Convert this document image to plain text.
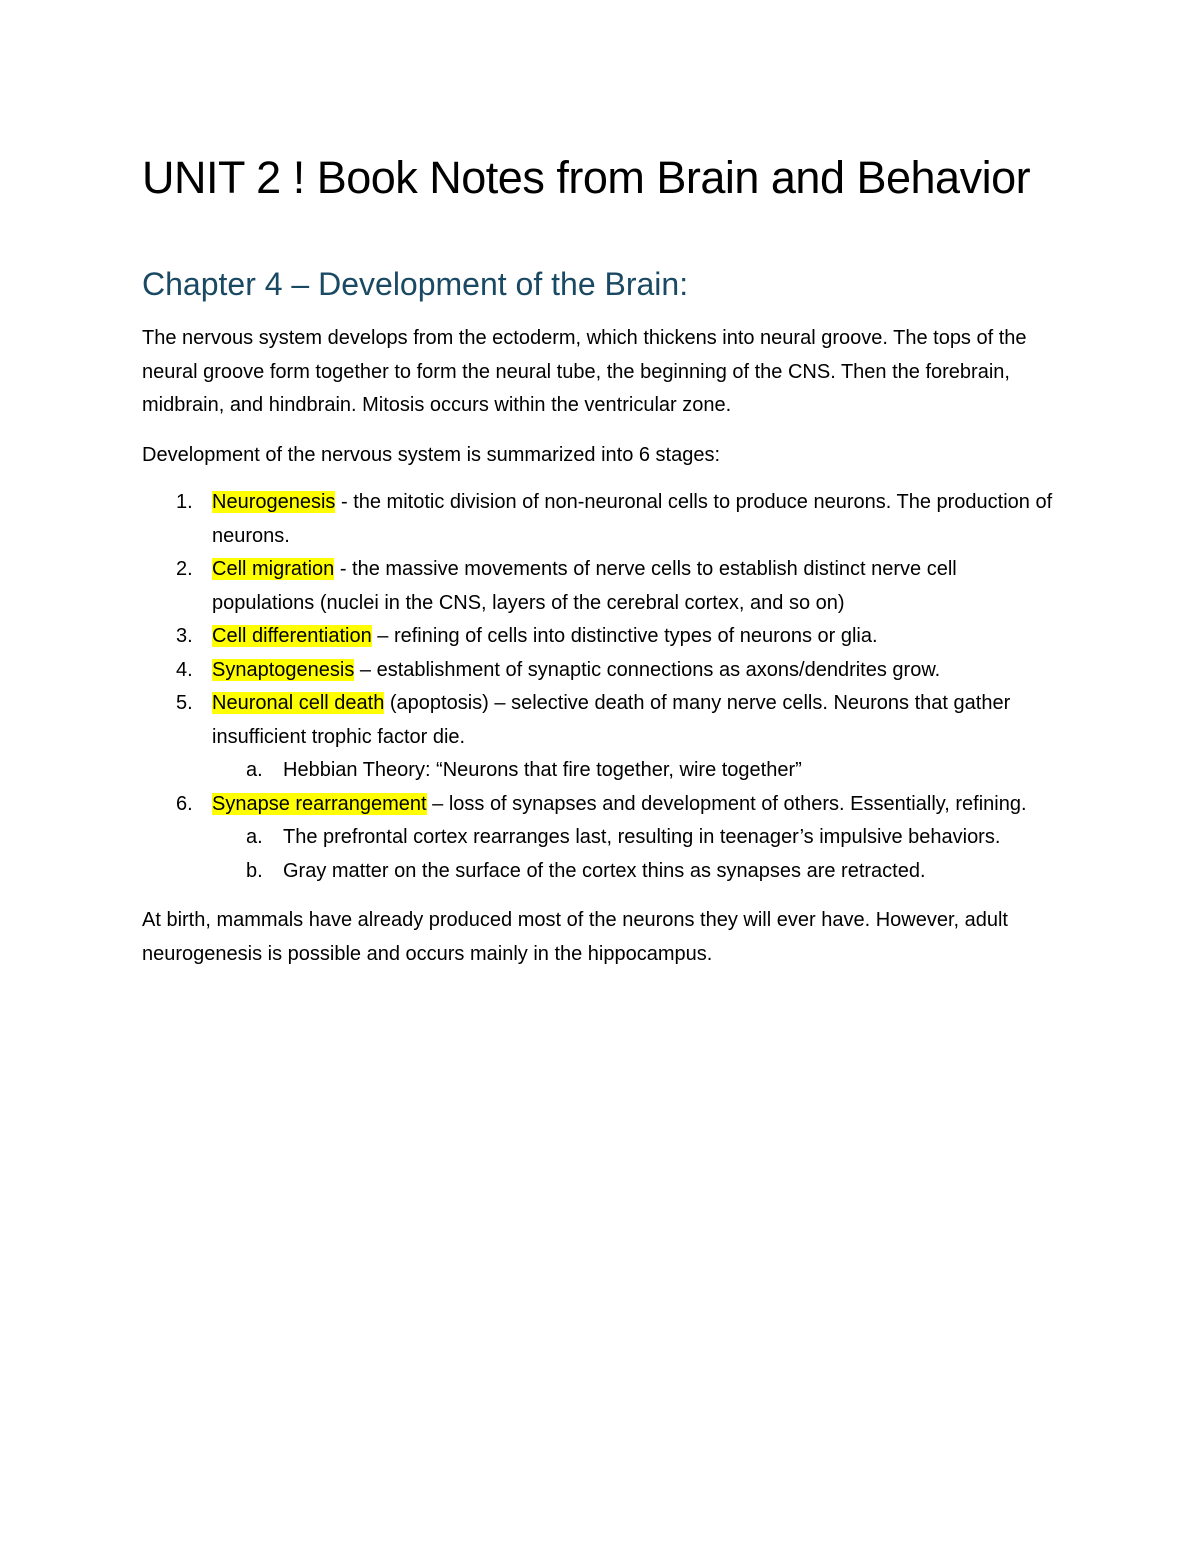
UNIT 2 ! Book Notes from Brain and Behavior
Chapter 4 – Development of the Brain:

The nervous system develops from the ectoderm, which thickens into neural groove. The tops of the neural groove form together to form the neural tube, the beginning of the CNS. Then the forebrain, midbrain, and hindbrain. Mitosis occurs within the ventricular zone.

Development of the nervous system is summarized into 6 stages:

1. Neurogenesis - the mitotic division of non-neuronal cells to produce neurons. The production of neurons.
2. Cell migration - the massive movements of nerve cells to establish distinct nerve cell populations (nuclei in the CNS, layers of the cerebral cortex, and so on)
3. Cell differentiation – refining of cells into distinctive types of neurons or glia.
4. Synaptogenesis – establishment of synaptic connections as axons/dendrites grow.
5. Neuronal cell death (apoptosis) – selective death of many nerve cells. Neurons that gather insufficient trophic factor die.
a. Hebbian Theory: “Neurons that fire together, wire together”
6. Synapse rearrangement – loss of synapses and development of others. Essentially, refining.
a. The prefrontal cortex rearranges last, resulting in teenager’s impulsive behaviors.
b. Gray matter on the surface of the cortex thins as synapses are retracted.

At birth, mammals have already produced most of the neurons they will ever have. However, adult neurogenesis is possible and occurs mainly in the hippocampus.
